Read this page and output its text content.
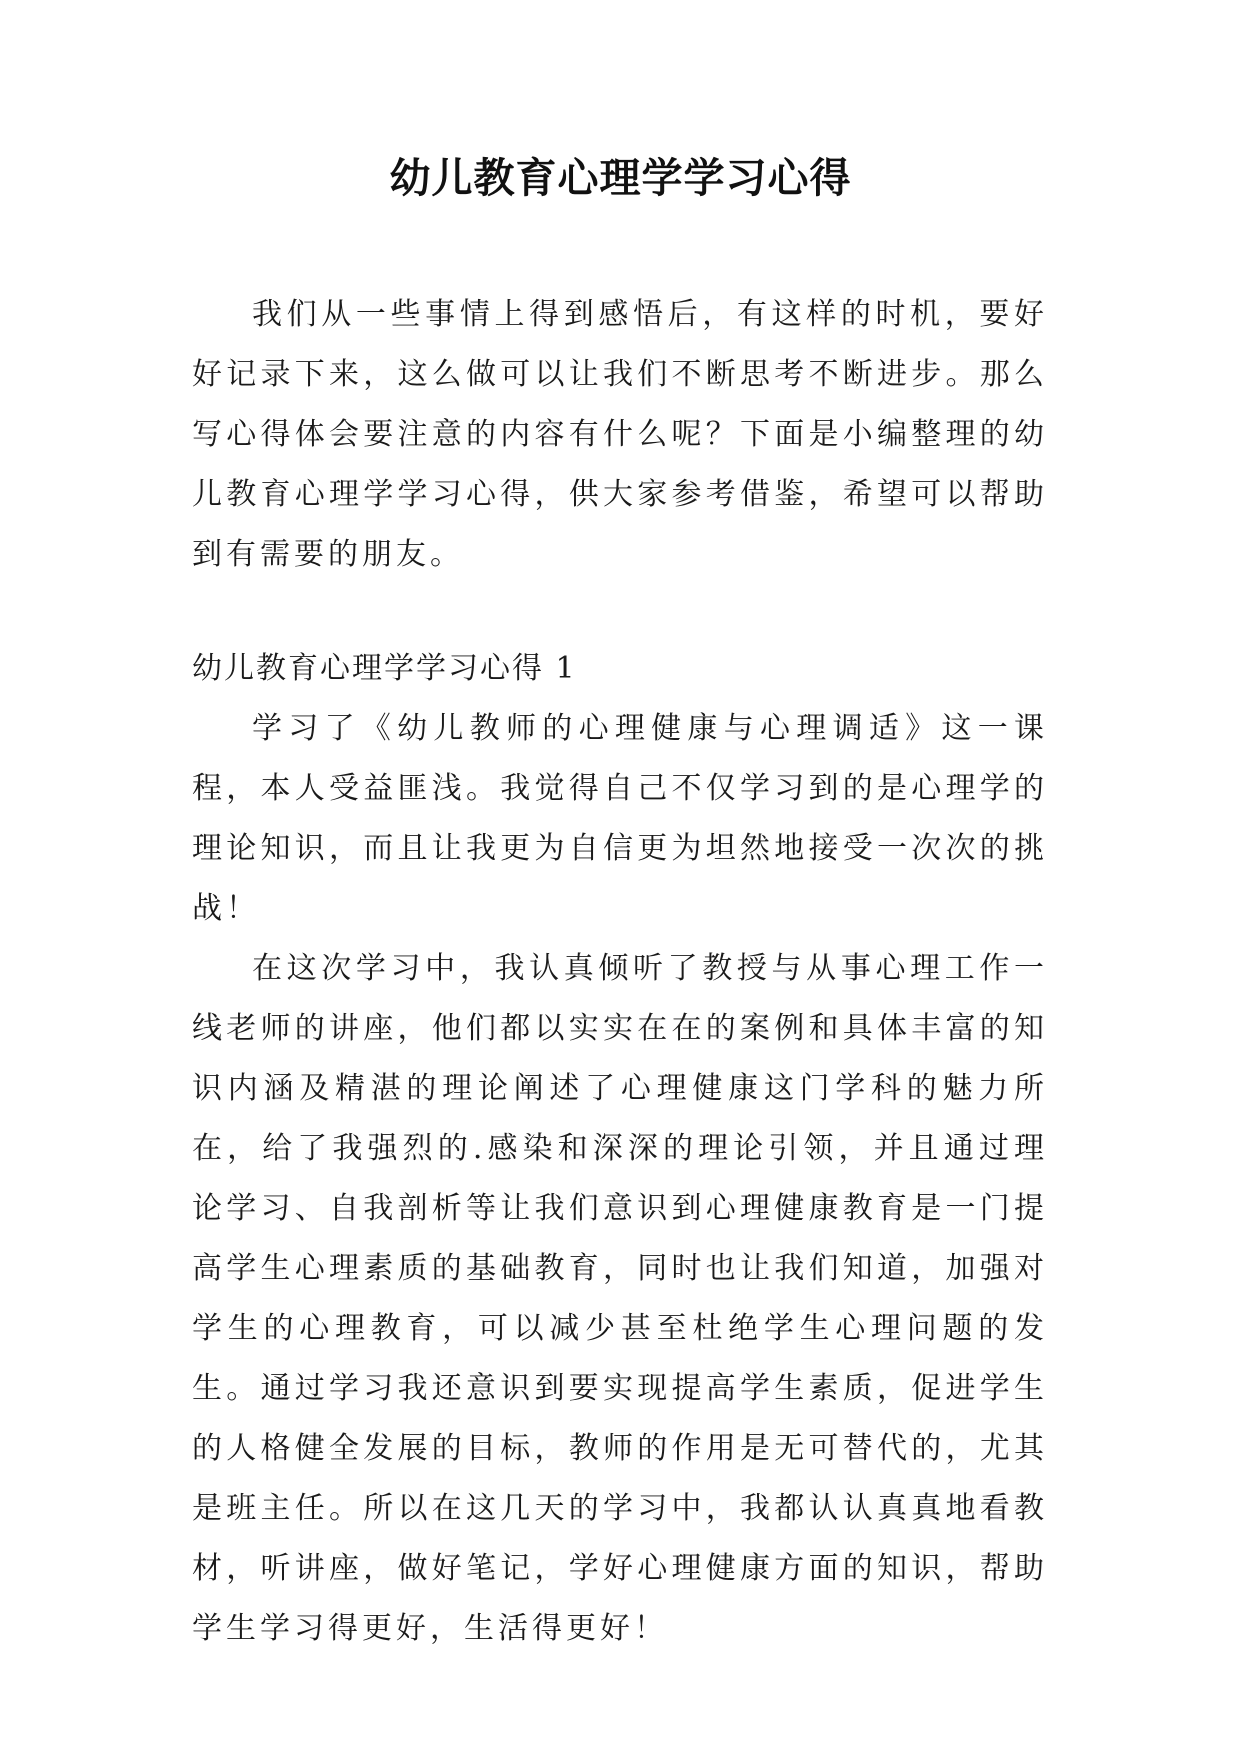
幼儿教育心理学学习心得

我们从一些事情上得到感悟后，有这样的时机，要好好记录下来，这么做可以让我们不断思考不断进步。那么写心得体会要注意的内容有什么呢？下面是小编整理的幼儿教育心理学学习心得，供大家参考借鉴，希望可以帮助到有需要的朋友。

幼儿教育心理学学习心得 1

学习了《幼儿教师的心理健康与心理调适》这一课程，本人受益匪浅。我觉得自己不仅学习到的是心理学的理论知识，而且让我更为自信更为坦然地接受一次次的挑战！

在这次学习中，我认真倾听了教授与从事心理工作一线老师的讲座，他们都以实实在在的案例和具体丰富的知识内涵及精湛的理论阐述了心理健康这门学科的魅力所在，给了我强烈的.感染和深深的理论引领，并且通过理论学习、自我剖析等让我们意识到心理健康教育是一门提高学生心理素质的基础教育，同时也让我们知道，加强对学生的心理教育，可以减少甚至杜绝学生心理问题的发生。通过学习我还意识到要实现提高学生素质，促进学生的人格健全发展的目标，教师的作用是无可替代的，尤其是班主任。所以在这几天的学习中，我都认认真真地看教材，听讲座，做好笔记，学好心理健康方面的知识，帮助学生学习得更好，生活得更好！
